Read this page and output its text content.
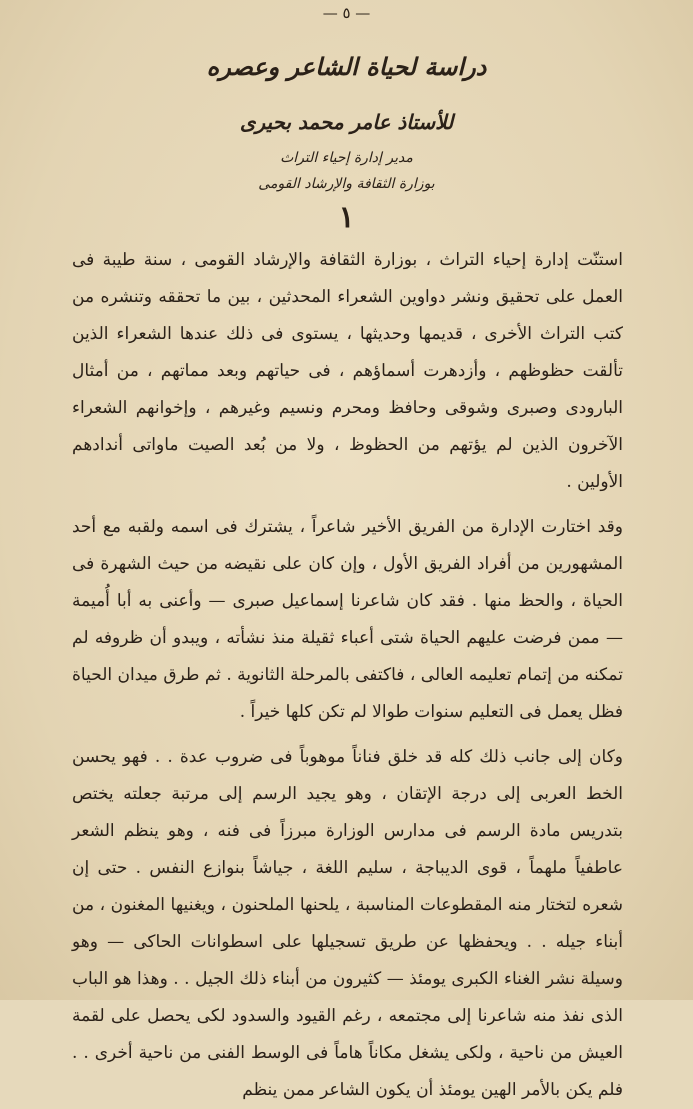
— ٥ —
دراسة لحياة الشاعر وعصره
للأستاذ عامر محمد بحيرى
مدير إدارة إحياء التراث
بوزارة الثقافة والإرشاد القومى
١

استنّت إدارة إحياء التراث ، بوزارة الثقافة والإرشاد القومى ، سنة طيبة فى العمل على تحقيق ونشر دواوين الشعراء المحدثين ، بين ما تحققه وتنشره من كتب التراث الأخرى ، قديمها وحديثها ، يستوى فى ذلك عندها الشعراء الذين تألقت حظوظهم ، وأزدهرت أسماؤهم ، فى حياتهم وبعد مماتهم ، من أمثال البارودى وصبرى وشوقى وحافظ ومحرم ونسيم وغيرهم ، وإخوانهم الشعراء الآخرون الذين لم يؤتهم من الحظوظ ، ولا من بُعد الصيت ماواتى أندادهم الأولين .

وقد اختارت الإدارة من الفريق الأخير شاعراً ، يشترك فى اسمه ولقبه مع أحد المشهورين من أفراد الفريق الأول ، وإن كان على نقيضه من حيث الشهرة فى الحياة ، والحظ منها . فقد كان شاعرنا إسماعيل صبرى — وأعنى به أبا أُميمة — ممن فرضت عليهم الحياة شتى أعباء ثقيلة منذ نشأته ، ويبدو أن ظروفه لم تمكنه من إتمام تعليمه العالى ، فاكتفى بالمرحلة الثانوية . ثم طرق ميدان الحياة فظل يعمل فى التعليم سنوات طوالا لم تكن كلها خيراً .

وكان إلى جانب ذلك كله قد خلق فناناً موهوباً فى ضروب عدة . . فهو يحسن الخط العربى إلى درجة الإتقان ، وهو يجيد الرسم إلى مرتبة جعلته يختص بتدريس مادة الرسم فى مدارس الوزارة مبرزاً فى فنه ، وهو ينظم الشعر عاطفياً ملهماً ، قوى الديباجة ، سليم اللغة ، جياشاً بنوازع النفس . حتى إن شعره لتختار منه المقطوعات المناسبة ، يلحنها الملحنون ، ويغنيها المغنون ، من أبناء جيله . . ويحفظها عن طريق تسجيلها على اسطوانات الحاكى — وهو وسيلة نشر الغناء الكبرى يومئذ — كثيرون من أبناء ذلك الجيل . . وهذا هو الباب الذى نفذ منه شاعرنا إلى مجتمعه ، رغم القيود والسدود لكى يحصل على لقمة العيش من ناحية ، ولكى يشغل مكاناً هاماً فى الوسط الفنى من ناحية أخرى . . فلم يكن بالأمر الهين يومئذ أن يكون الشاعر ممن ينظم
